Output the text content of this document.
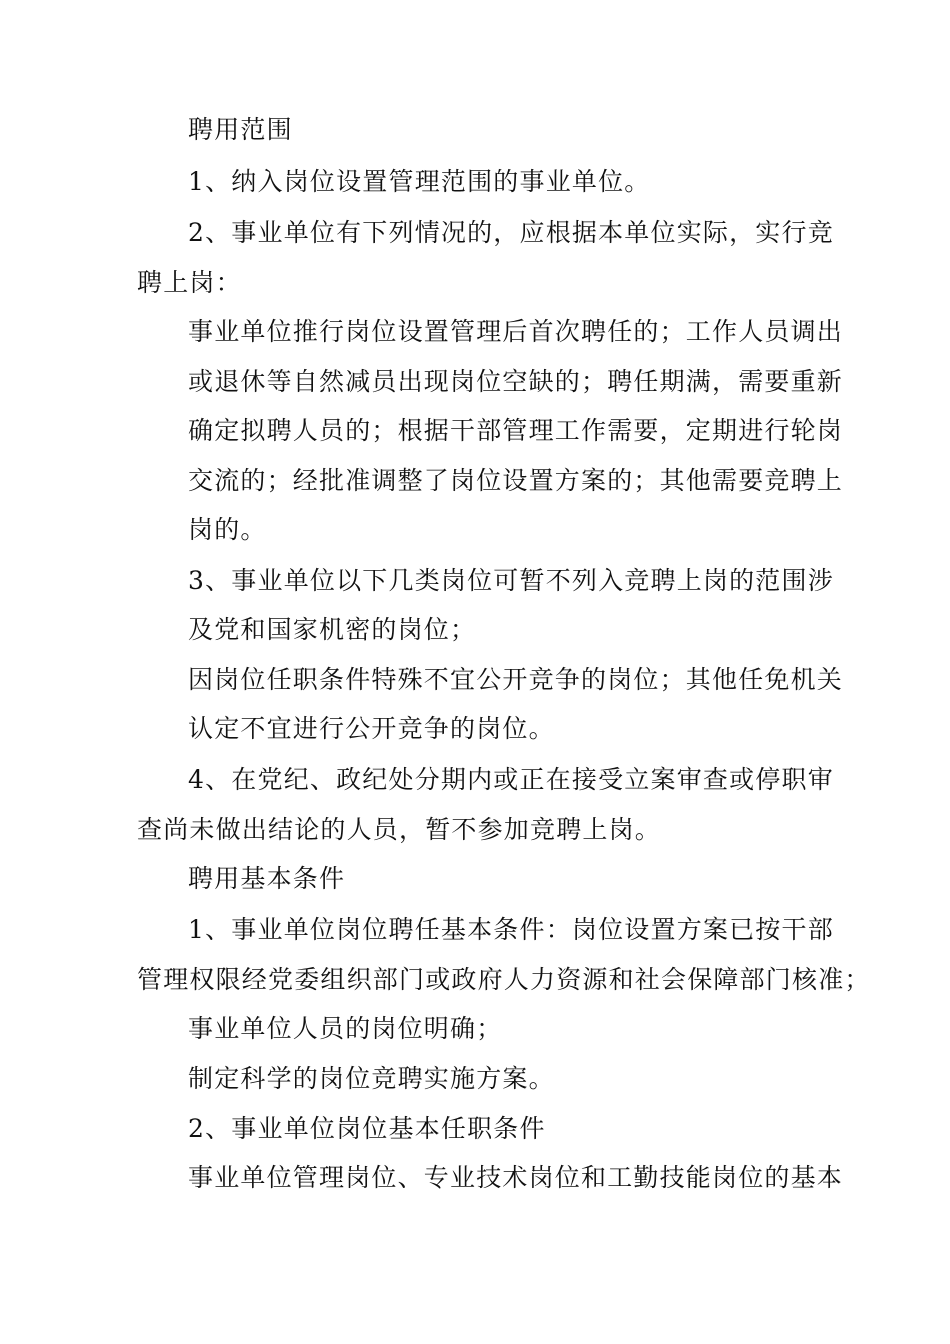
聘用范围

1、纳入岗位设置管理范围的事业单位。

2、事业单位有下列情况的，应根据本单位实际，实行竞

聘上岗：

事业单位推行岗位设置管理后首次聘任的；工作人员调出

或退休等自然减员出现岗位空缺的；聘任期满，需要重新

确定拟聘人员的；根据干部管理工作需要，定期进行轮岗

交流的；经批准调整了岗位设置方案的；其他需要竞聘上

岗的。

3、事业单位以下几类岗位可暂不列入竞聘上岗的范围涉

及党和国家机密的岗位；

因岗位任职条件特殊不宜公开竞争的岗位；其他任免机关

认定不宜进行公开竞争的岗位。

4、在党纪、政纪处分期内或正在接受立案审查或停职审

查尚未做出结论的人员，暂不参加竞聘上岗。

聘用基本条件

1、事业单位岗位聘任基本条件：岗位设置方案已按干部

管理权限经党委组织部门或政府人力资源和社会保障部门核准；

事业单位人员的岗位明确；

制定科学的岗位竞聘实施方案。

2、事业单位岗位基本任职条件

事业单位管理岗位、专业技术岗位和工勤技能岗位的基本
